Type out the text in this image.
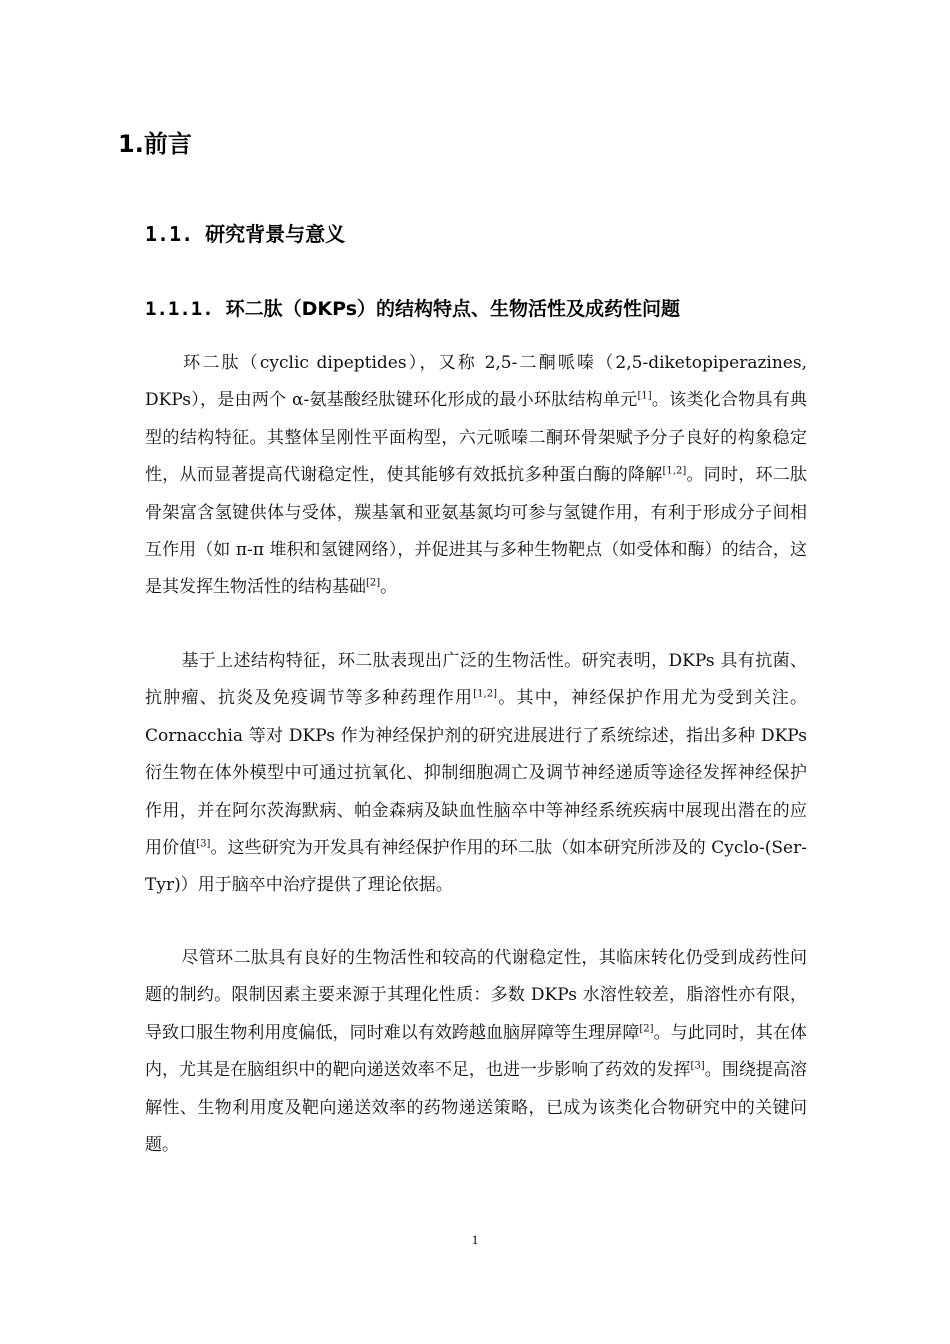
1.前言
1.1. 研究背景与意义
1.1.1. 环二肽（DKPs）的结构特点、生物活性及成药性问题

环二肽（cyclic dipeptides），又称 2,5-二酮哌嗪（2,5-diketopiperazines, DKPs），是由两个 α-氨基酸经肽键环化形成的最小环肽结构单元[1]。该类化合物具有典型的结构特征。其整体呈刚性平面构型，六元哌嗪二酮环骨架赋予分子良好的构象稳定性，从而显著提高代谢稳定性，使其能够有效抵抗多种蛋白酶的降解[1,2]。同时，环二肽骨架富含氢键供体与受体，羰基氧和亚氨基氮均可参与氢键作用，有利于形成分子间相互作用（如 π-π 堆积和氢键网络），并促进其与多种生物靶点（如受体和酶）的结合，这是其发挥生物活性的结构基础[2]。

基于上述结构特征，环二肽表现出广泛的生物活性。研究表明，DKPs 具有抗菌、抗肿瘤、抗炎及免疫调节等多种药理作用[1,2]。其中，神经保护作用尤为受到关注。Cornacchia 等对 DKPs 作为神经保护剂的研究进展进行了系统综述，指出多种 DKPs 衍生物在体外模型中可通过抗氧化、抑制细胞凋亡及调节神经递质等途径发挥神经保护作用，并在阿尔茨海默病、帕金森病及缺血性脑卒中等神经系统疾病中展现出潜在的应用价值[3]。这些研究为开发具有神经保护作用的环二肽（如本研究所涉及的 Cyclo-(Ser-Tyr)）用于脑卒中治疗提供了理论依据。

尽管环二肽具有良好的生物活性和较高的代谢稳定性，其临床转化仍受到成药性问题的制约。限制因素主要来源于其理化性质：多数 DKPs 水溶性较差，脂溶性亦有限，导致口服生物利用度偏低，同时难以有效跨越血脑屏障等生理屏障[2]。与此同时，其在体内，尤其是在脑组织中的靶向递送效率不足，也进一步影响了药效的发挥[3]。围绕提高溶解性、生物利用度及靶向递送效率的药物递送策略，已成为该类化合物研究中的关键问题。

1
